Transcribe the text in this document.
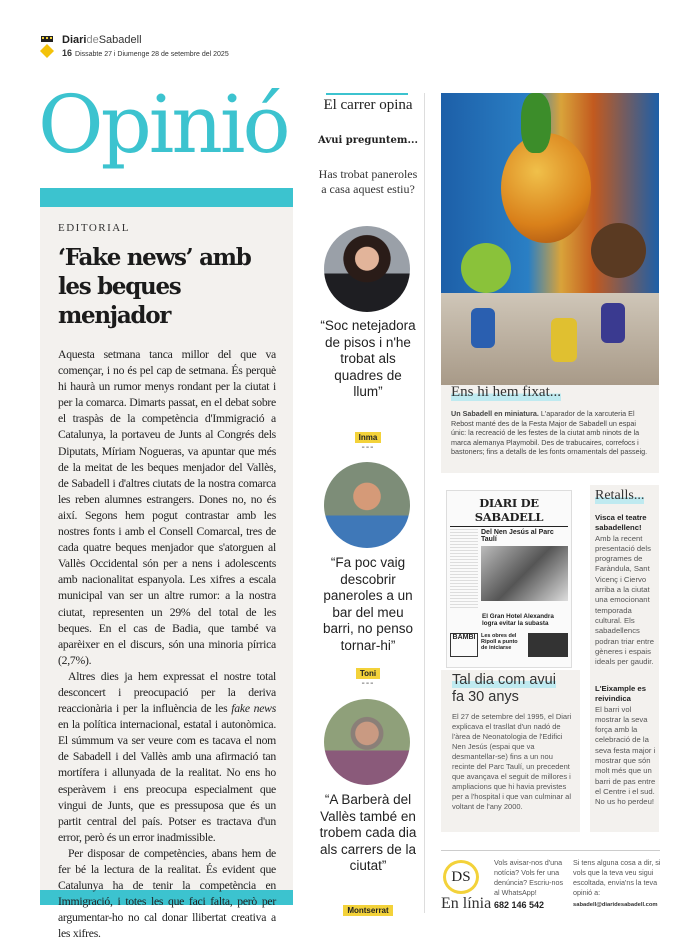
DiarideSabadell
16 Dissabte 27 i Diumenge 28 de setembre del 2025
Opinió
EDITORIAL
‘Fake news’ amb les beques menjador

Aquesta setmana tanca millor del que va començar, i no és pel cap de setmana. És perquè hi haurà un rumor menys rondant per la ciutat i per la comarca. Dimarts passat, en el debat sobre el traspàs de la competència d'Immigració a Catalunya, la portaveu de Junts al Congrés dels Diputats, Míriam Nogueras, va apuntar que més de la meitat de les beques menjador del Vallès, de Sabadell i d'altres ciutats de la nostra comarca les reben alumnes estrangers. Dones no, no és així. Segons hem pogut contrastar amb les nostres fonts i amb el Consell Comarcal, tres de cada quatre beques menjador que s'atorguen al Vallès Occidental són per a nens i adolescents amb nacionalitat espanyola. Les xifres a escala municipal van ser un altre rumor: a la nostra ciutat, representen un 29% del total de les beques. En el cas de Badia, que també va aparèixer en el discurs, són una minoria pírrica (2,7%).

Altres dies ja hem expressat el nostre total desconcert i preocupació per la deriva reaccionària i per la influència de les fake news en la política internacional, estatal i autonòmica. El súmmum va ser veure com es tacava el nom de Sabadell i del Vallès amb una afirmació tan mortífera i allunyada de la realitat. No ens ho esperàvem i ens preocupa especialment que vingui de Junts, que es pressuposa que és un partit central del país. Potser es tractava d'un error, però és un error inadmissible.

Per disposar de competències, abans hem de fer bé la lectura de la realitat. És evident que Catalunya ha de tenir la competència en Immigració, i totes les que faci falta, però per argumentar-ho no cal donar llibertat creativa a les xifres.

El carrer opina
Avui preguntem...
Has trobat paneroles a casa aquest estiu?
“Soc netejadora de pisos i n'he trobat als quadres de llum”
Inma
---
“Fa poc vaig descobrir paneroles a un bar del meu barri, no penso tornar-hi”
Toni
---
“A Barberà del Vallès també en trobem cada dia als carrers de la ciutat”
Montserrat
Ens hi hem fixat...
Un Sabadell en miniatura. L'aparador de la xarcuteria El Rebost manté des de la Festa Major de Sabadell un espai únic: la recreació de les festes de la ciutat amb ninots de la marca alemanya Playmobil. Des de trabucaires, correfocs i bastoners; fins a detalls de les fonts ornamentals del passeig.
DIARI DE SABADELL
Del Nen Jesús al Parc Taulí
El Gran Hotel Alexandra logra evitar la subasta
BAMBI	Les obres del Ripoll a punto de iniciarse
Tal dia com avui
fa 30 anys
El 27 de setembre del 1995, el Diari explicava el trasllat d'un nadó de l'àrea de Neonatologia de l'Edifici Nen Jesús (espai que va desmantellar-se) fins a un nou recinte del Parc Taulí, un precedent que avançava el seguit de millores i ampliacions que hi havia previstes per a l'hospital i que van culminar al voltant de l'any 2000.
Retalls...
Visca el teatre sabadellenc!
Amb la recent presentació dels programes de Faràndula, Sant Vicenç i Ciervo arriba a la ciutat una emocionant temporada cultural. Els sabadellencs podran triar entre gèneres i espais ideals per gaudir.
L'Eixample es reivindica
El barri vol mostrar la seva força amb la celebració de la seva festa major i mostrar que són molt més que un barri de pas entre el Centre i el sud. No us ho perdeu!
DS
En línia
Vols avisar-nos d'una notícia? Vols fer una denúncia? Escriu-nos al WhatsApp!
682 146 542
Si tens alguna cosa a dir, si vols que la teva veu sigui escoltada, envia'ns la teva opinió a:
sabadell@diaridesabadell.com
